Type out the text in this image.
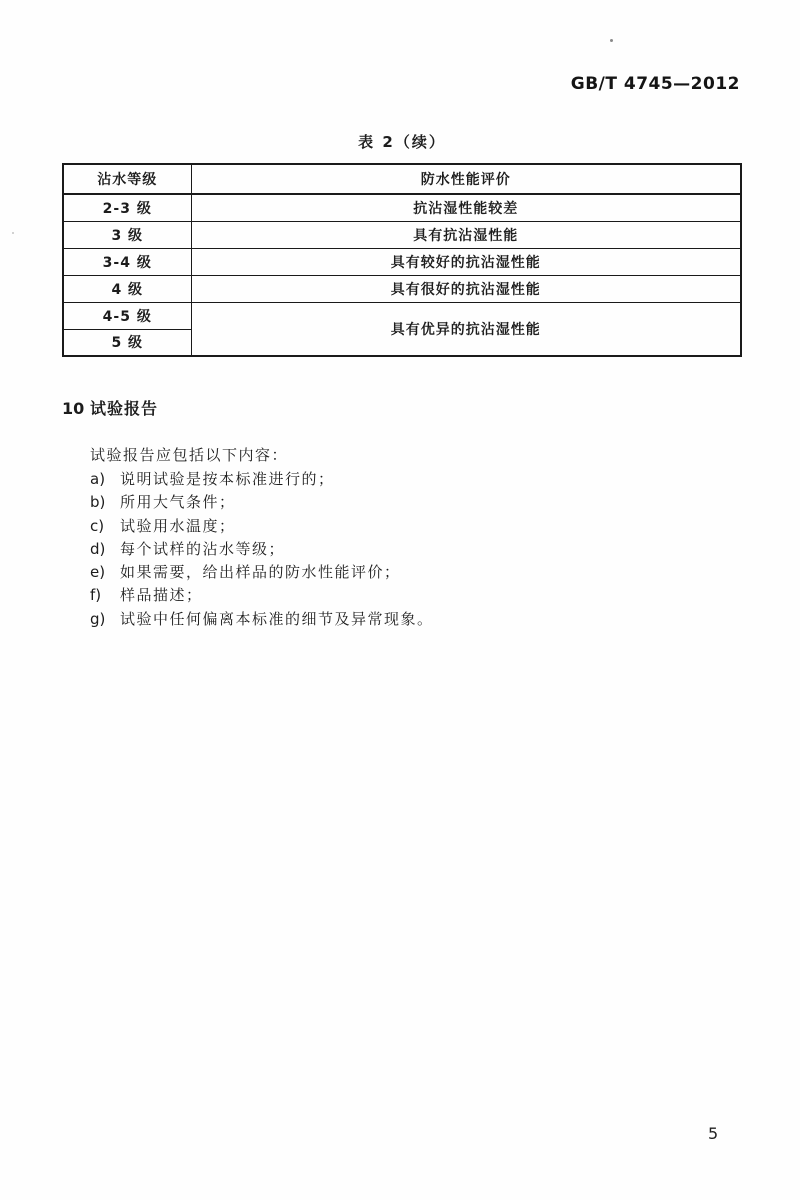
GB/T 4745—2012
表 2（续）
沾水等级	防水性能评价
2-3 级	抗沾湿性能较差
3 级	具有抗沾湿性能
3-4 级	具有较好的抗沾湿性能
4 级	具有很好的抗沾湿性能
4-5 级	具有优异的抗沾湿性能
5 级	
10 试验报告
试验报告应包括以下内容：
a) 说明试验是按本标准进行的；
b) 所用大气条件；
c) 试验用水温度；
d) 每个试样的沾水等级；
e) 如果需要，给出样品的防水性能评价；
f) 样品描述；
g) 试验中任何偏离本标准的细节及异常现象。
5
